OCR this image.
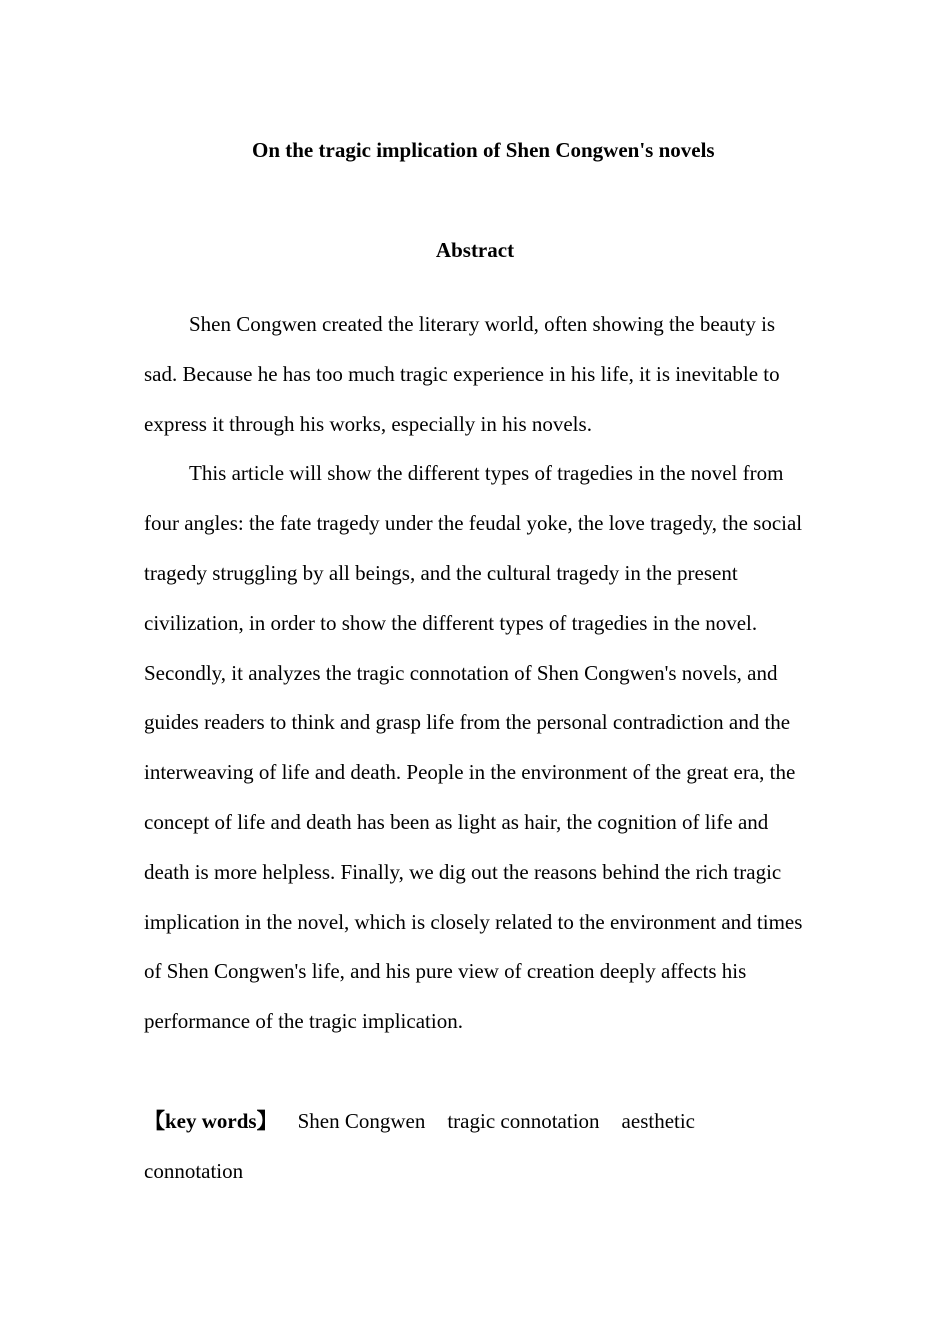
On the tragic implication of Shen Congwen's novels
Abstract

Shen Congwen created the literary world, often showing the beauty is sad. Because he has too much tragic experience in his life, it is inevitable to express it through his works, especially in his novels.

This article will show the different types of tragedies in the novel from four angles: the fate tragedy under the feudal yoke, the love tragedy, the social tragedy struggling by all beings, and the cultural tragedy in the present civilization, in order to show the different types of tragedies in the novel. Secondly, it analyzes the tragic connotation of Shen Congwen's novels, and guides readers to think and grasp life from the personal contradiction and the interweaving of life and death. People in the environment of the great era, the concept of life and death has been as light as hair, the cognition of life and death is more helpless. Finally, we dig out the reasons behind the rich tragic implication in the novel, which is closely related to the environment and times of Shen Congwen's life, and his pure view of creation deeply affects his performance of the tragic implication.

【key words】 Shen Congwen tragic connotation aesthetic connotation
